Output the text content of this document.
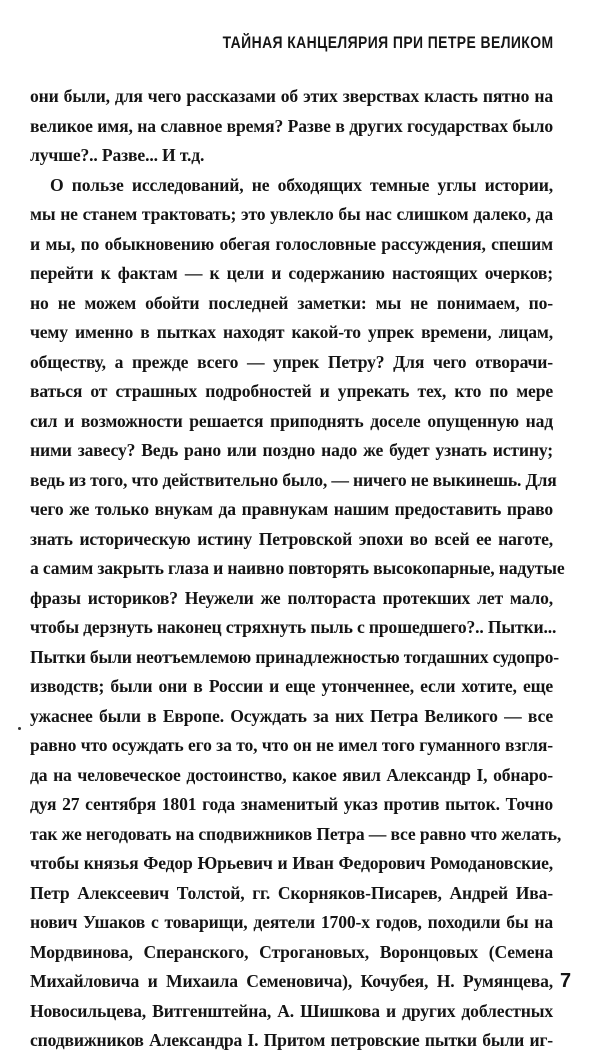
ТАЙНАЯ КАНЦЕЛЯРИЯ ПРИ ПЕТРЕ ВЕЛИКОМ
они были, для чего рассказами об этих зверствах класть пятно на
великое имя, на славное время? Разве в других государствах было
лучше?.. Разве... И т.д.
О пользе исследований, не обходящих темные углы истории,
мы не станем трактовать; это увлекло бы нас слишком далеко, да
и мы, по обыкновению обегая голословные рассуждения, спешим
перейти к фактам — к цели и содержанию настоящих очерков;
но не можем обойти последней заметки: мы не понимаем, по-
чему именно в пытках находят какой-то упрек времени, лицам,
обществу, а прежде всего — упрек Петру? Для чего отворачи-
ваться от страшных подробностей и упрекать тех, кто по мере
сил и возможности решается приподнять доселе опущенную над
ними завесу? Ведь рано или поздно надо же будет узнать истину;
ведь из того, что действительно было, — ничего не выкинешь. Для
чего же только внукам да правнукам нашим предоставить право
знать историческую истину Петровской эпохи во всей ее наготе,
а самим закрыть глаза и наивно повторять высокопарные, надутые
фразы историков? Неужели же полтораста протекших лет мало,
чтобы дерзнуть наконец стряхнуть пыль с прошедшего?.. Пытки...
Пытки были неотъемлемою принадлежностью тогдашних судопро-
изводств; были они в России и еще утонченнее, если хотите, еще
ужаснее были в Европе. Осуждать за них Петра Великого — все
равно что осуждать его за то, что он не имел того гуманного взгля-
да на человеческое достоинство, какое явил Александр I, обнаро-
дуя 27 сентября 1801 года знаменитый указ против пыток. Точно
так же негодовать на сподвижников Петра — все равно что желать,
чтобы князья Федор Юрьевич и Иван Федорович Ромодановские,
Петр Алексеевич Толстой, гг. Скорняков-Писарев, Андрей Ива-
нович Ушаков с товарищи, деятели 1700-х годов, походили бы на
Мордвинова, Сперанского, Строгановых, Воронцовых (Семена
Михайловича и Михаила Семеновича), Кочубея, Н. Румянцева,
Новосильцева, Витгенштейна, А. Шишкова и других доблестных
сподвижников Александра I. Притом петровские пытки были иг-
7
